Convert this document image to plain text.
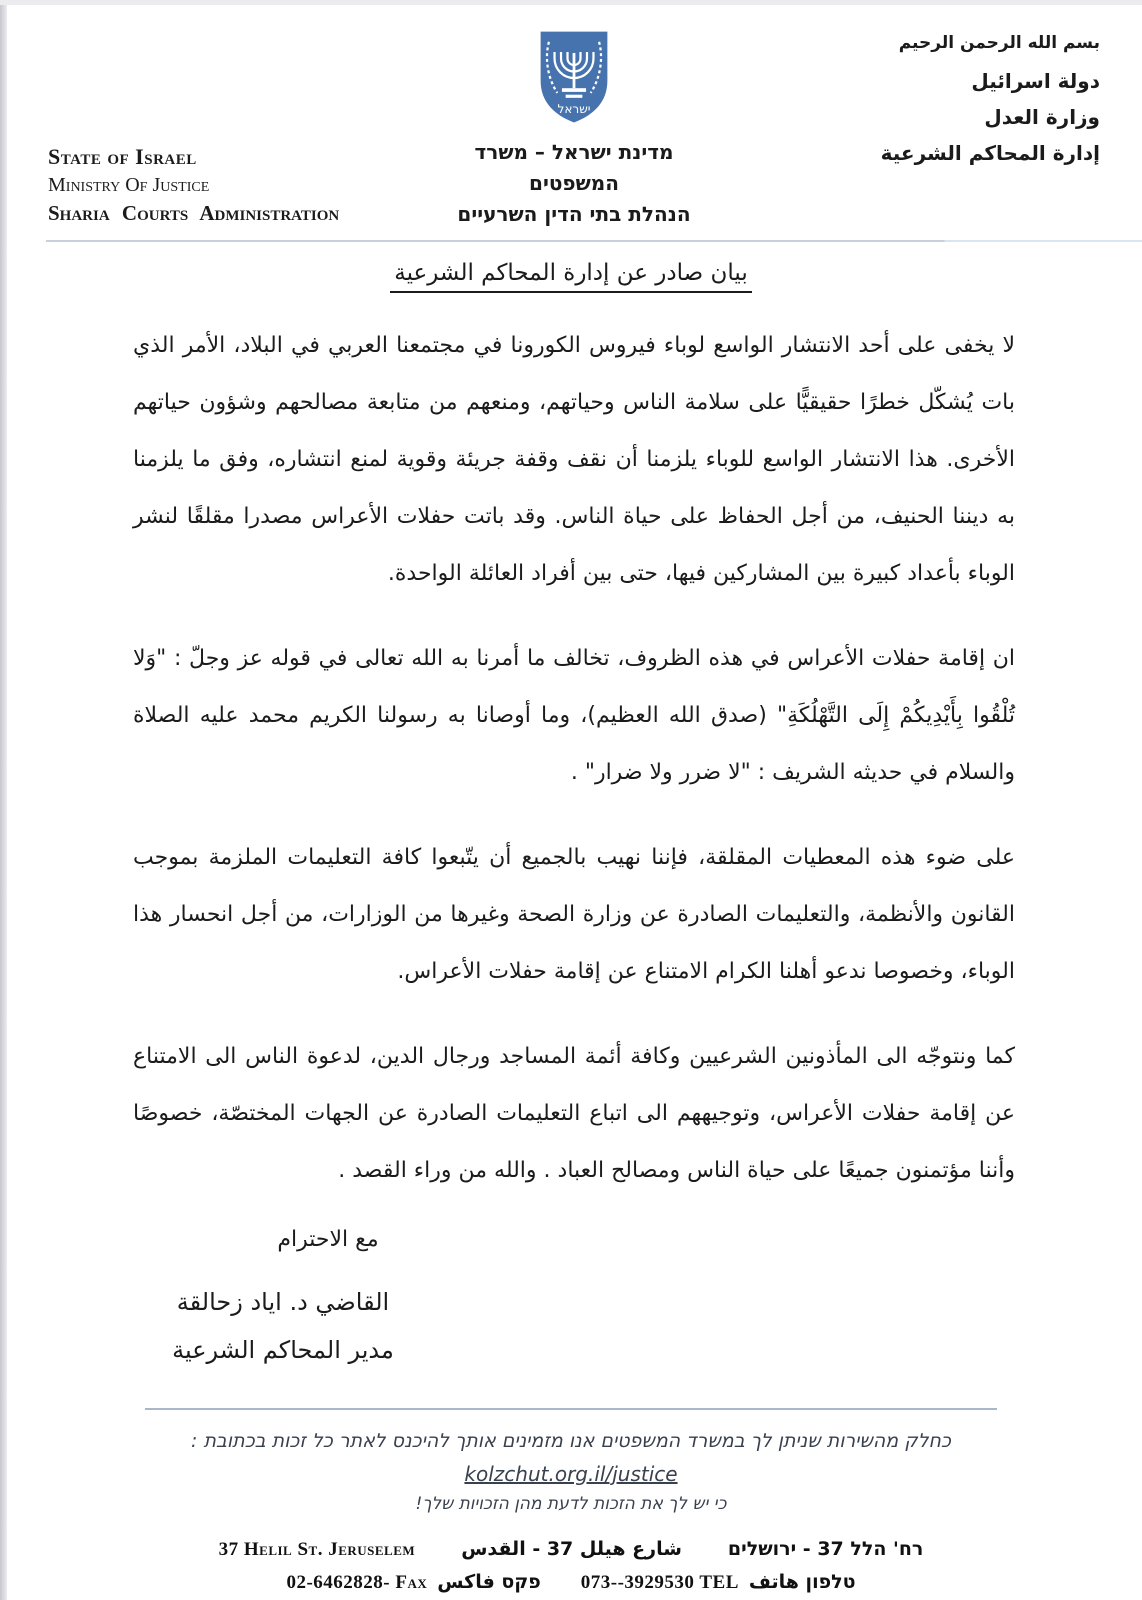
State of Israel
Ministry Of Justice
Sharia Courts Administration
ישראל
מדינת ישראל – משרד המשפטים
הנהלת בתי הדין השרעיים
بسم الله الرحمن الرحيم
دولة اسرائيل
وزارة العدل
إدارة المحاكم الشرعية
بيان صادر عن إدارة المحاكم الشرعية

لا يخفى على أحد الانتشار الواسع لوباء فيروس الكورونا في مجتمعنا العربي في البلاد، الأمر الذي بات يُشكّل خطرًا حقيقيًّا على سلامة الناس وحياتهم، ومنعهم من متابعة مصالحهم وشؤون حياتهم الأخرى. هذا الانتشار الواسع للوباء يلزمنا أن نقف وقفة جريئة وقوية لمنع انتشاره، وفق ما يلزمنا به ديننا الحنيف، من أجل الحفاظ على حياة الناس. وقد باتت حفلات الأعراس مصدرا مقلقًا لنشر الوباء بأعداد كبيرة بين المشاركين فيها، حتى بين أفراد العائلة الواحدة.

ان إقامة حفلات الأعراس في هذه الظروف، تخالف ما أمرنا به الله تعالى في قوله عز وجلّ : "وَلا تُلْقُوا بِأَيْدِيكُمْ إِلَى التَّهْلُكَةِ" (صدق الله العظيم)، وما أوصانا به رسولنا الكريم محمد عليه الصلاة والسلام في حديثه الشريف : "لا ضرر ولا ضرار" .

على ضوء هذه المعطيات المقلقة، فإننا نهيب بالجميع أن يتّبعوا كافة التعليمات الملزمة بموجب القانون والأنظمة، والتعليمات الصادرة عن وزارة الصحة وغيرها من الوزارات، من أجل انحسار هذا الوباء، وخصوصا ندعو أهلنا الكرام الامتناع عن إقامة حفلات الأعراس.

كما ونتوجّه الى المأذونين الشرعيين وكافة أئمة المساجد ورجال الدين، لدعوة الناس الى الامتناع عن إقامة حفلات الأعراس، وتوجيههم الى اتباع التعليمات الصادرة عن الجهات المختصّة، خصوصًا وأننا مؤتمنون جميعًا على حياة الناس ومصالح العباد . والله من وراء القصد .

مع الاحترام
القاضي د. اياد زحالقة
مدير المحاكم الشرعية
כחלק מהשירות שניתן לך במשרד המשפטים אנו מזמינים אותך להיכנס לאתר כל זכות בכתובת :
kolzchut.org.il/justice
כי יש לך את הזכות לדעת מהן הזכויות שלך!
37 Helil St. Jeruselem شارع هيلل 37 - القدس רח' הלל 37 - ירושלים
02-6462828- Fax פקס فاكس 073--3929530 TEL טלפון هاتف
